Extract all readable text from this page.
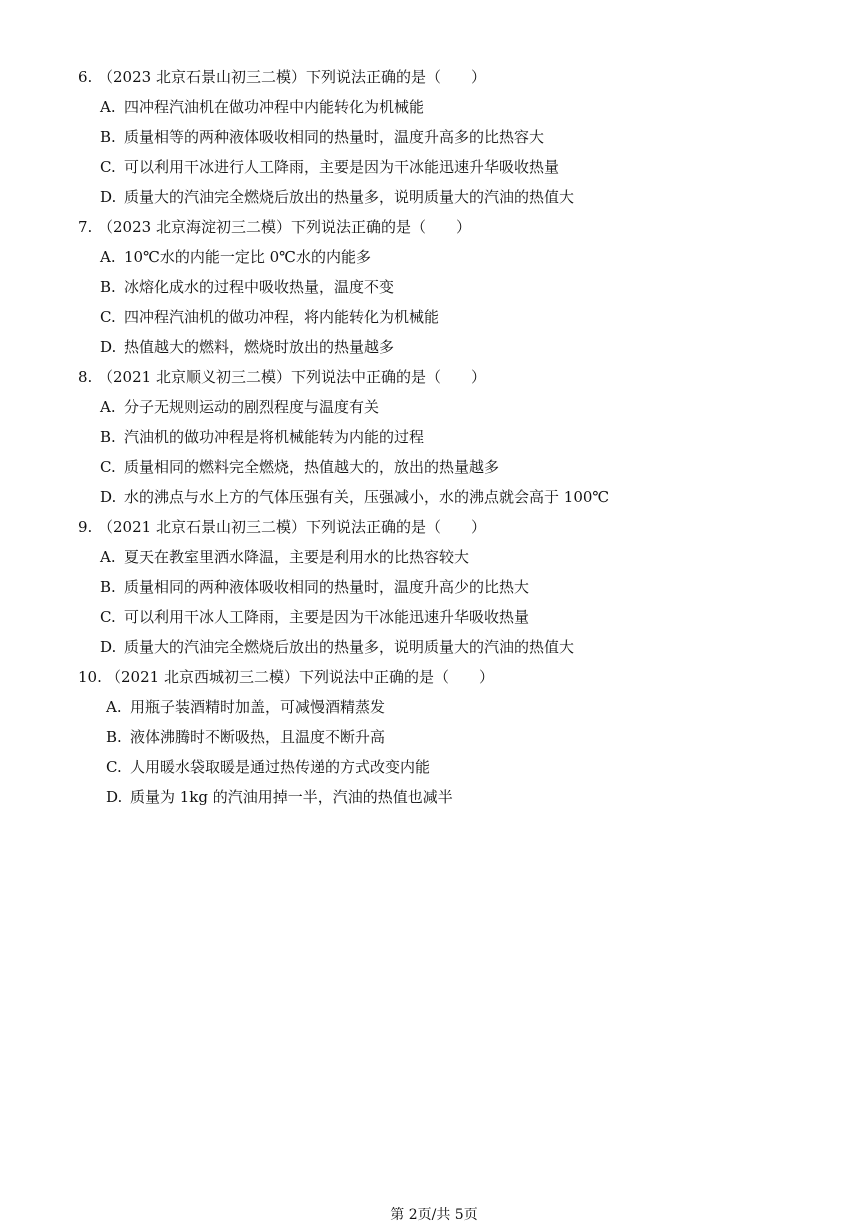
6. （2023 北京石景山初三二模）下列说法正确的是（　　）
A. 四冲程汽油机在做功冲程中内能转化为机械能
B. 质量相等的两种液体吸收相同的热量时，温度升高多的比热容大
C. 可以利用干冰进行人工降雨，主要是因为干冰能迅速升华吸收热量
D. 质量大的汽油完全燃烧后放出的热量多，说明质量大的汽油的热值大
7. （2023 北京海淀初三二模）下列说法正确的是（　　）
A. 10℃水的内能一定比 0℃水的内能多
B. 冰熔化成水的过程中吸收热量，温度不变
C. 四冲程汽油机的做功冲程，将内能转化为机械能
D. 热值越大的燃料，燃烧时放出的热量越多
8. （2021 北京顺义初三二模）下列说法中正确的是（　　）
A. 分子无规则运动的剧烈程度与温度有关
B. 汽油机的做功冲程是将机械能转为内能的过程
C. 质量相同的燃料完全燃烧，热值越大的，放出的热量越多
D. 水的沸点与水上方的气体压强有关，压强减小，水的沸点就会高于 100℃
9. （2021 北京石景山初三二模）下列说法正确的是（　　）
A. 夏天在教室里洒水降温，主要是利用水的比热容较大
B. 质量相同的两种液体吸收相同的热量时，温度升高少的比热大
C. 可以利用干冰人工降雨，主要是因为干冰能迅速升华吸收热量
D. 质量大的汽油完全燃烧后放出的热量多，说明质量大的汽油的热值大
10. （2021 北京西城初三二模）下列说法中正确的是（　　）
A. 用瓶子装酒精时加盖，可减慢酒精蒸发
B. 液体沸腾时不断吸热，且温度不断升高
C. 人用暖水袋取暖是通过热传递的方式改变内能
D. 质量为 1kg 的汽油用掉一半，汽油的热值也减半
第 2页/共 5页
